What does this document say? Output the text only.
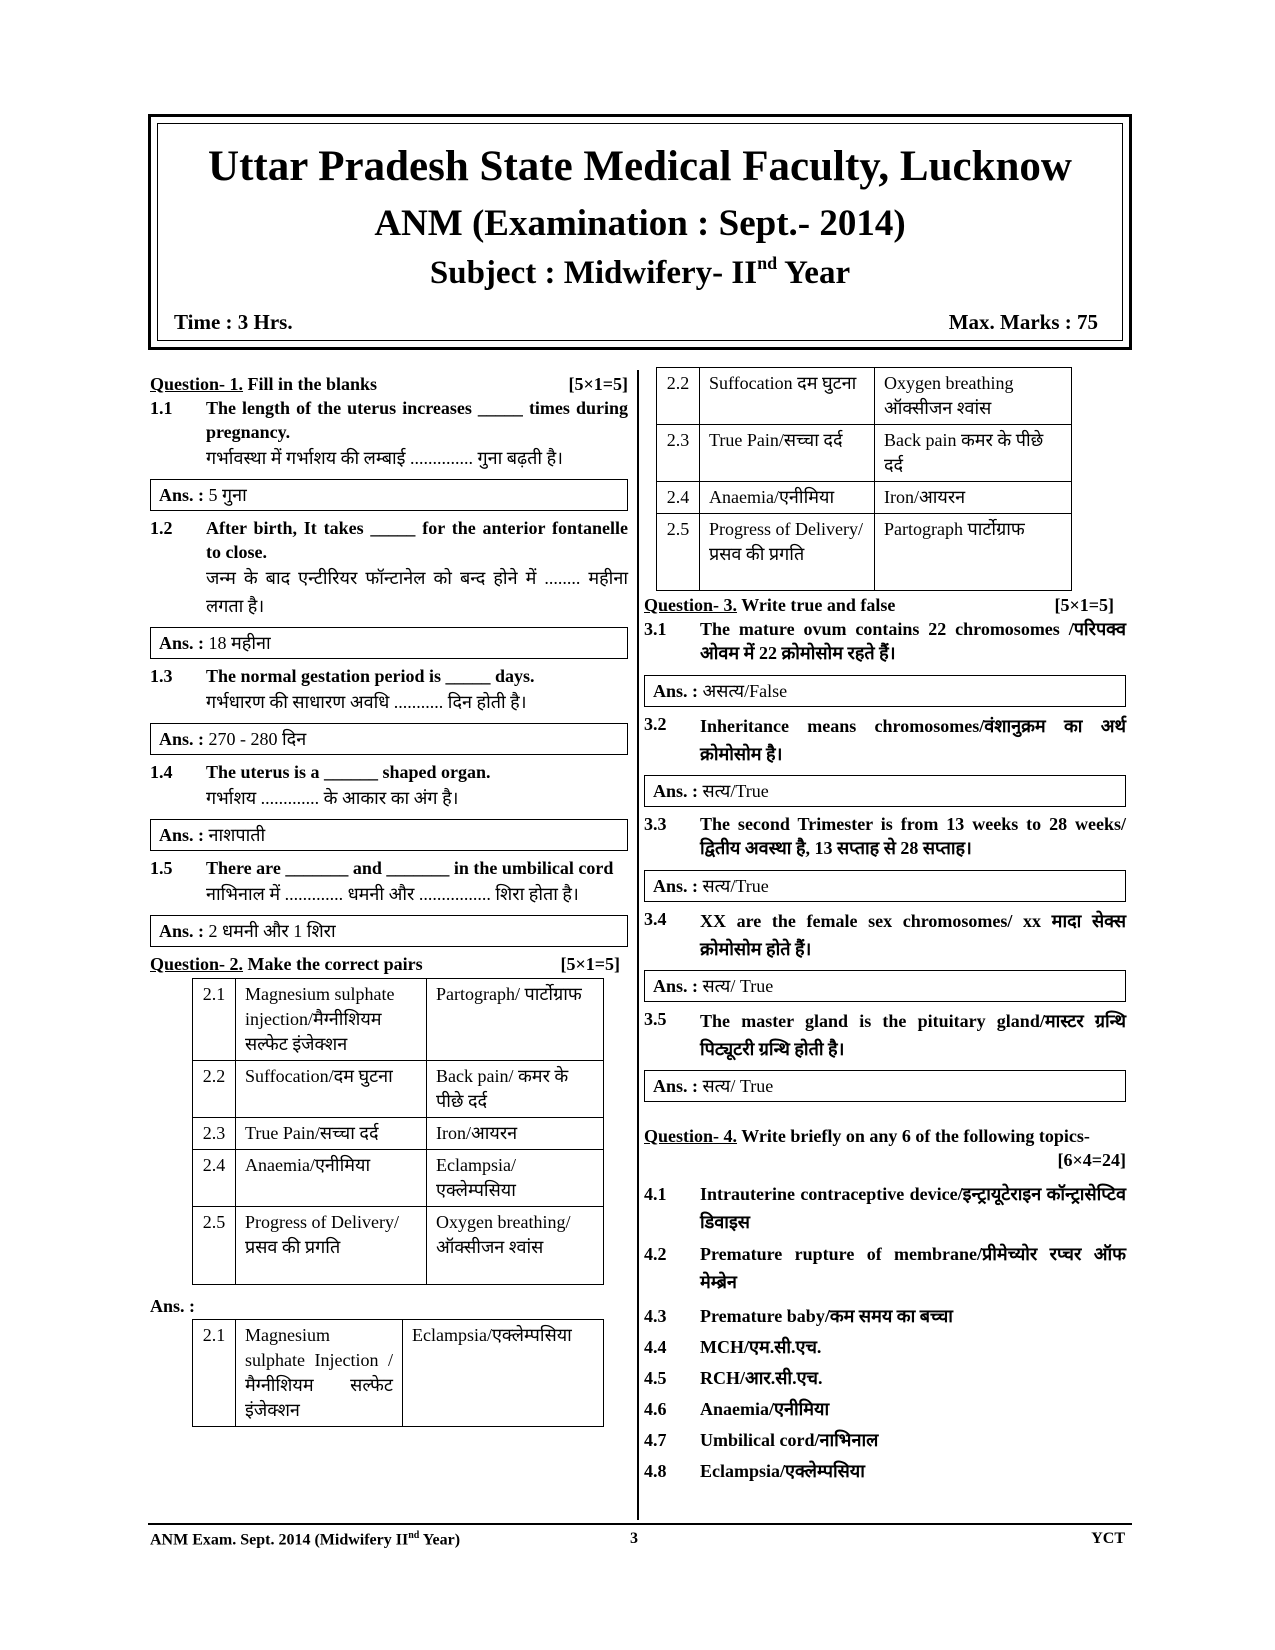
Uttar Pradesh State Medical Faculty, Lucknow
ANM (Examination : Sept.- 2014)
Subject : Midwifery- IInd Year
Time : 3 Hrs.	Max. Marks : 75
Question- 1. Fill in the blanks	[5×1=5]
1.1	The length of the uterus increases _____ times during pregnancy.
गर्भावस्था में गर्भाशय की लम्बाई .............. गुना बढ़ती है।
Ans. : 5 गुना
1.2	After birth, It takes _____ for the anterior fontanelle to close.
जन्म के बाद एन्टीरियर फॉन्टानेल को बन्द होने में ........ महीना लगता है।
Ans. : 18 महीना
1.3	The normal gestation period is _____ days.
गर्भधारण की साधारण अवधि ........... दिन होती है।
Ans. : 270 - 280 दिन
1.4	The uterus is a ______ shaped organ.
गर्भाशय ............. के आकार का अंग है।
Ans. : नाशपाती
1.5	There are _______ and _______ in the umbilical cord
नाभिनाल में ............. धमनी और ................ शिरा होता है।
Ans. : 2 धमनी और 1 शिरा
Question- 2. Make the correct pairs	[5×1=5]
2.1	Magnesium sulphate injection/मैग्नीशियम सल्फेट इंजेक्शन	Partograph/ पार्टोग्राफ
2.2	Suffocation/दम घुटना	Back pain/ कमर के पीछे दर्द
2.3	True Pain/सच्चा दर्द	Iron/आयरन
2.4	Anaemia/एनीमिया	Eclampsia/ एक्लेम्पसिया
2.5	Progress of Delivery/ प्रसव की प्रगति	Oxygen breathing/ ऑक्सीजन श्वांस
Ans. :
2.1	Magnesium sulphate Injection /मैग्नीशियम सल्फेट इंजेक्शन	Eclampsia/एक्लेम्पसिया
2.2	Suffocation दम घुटना	Oxygen breathing ऑक्सीजन श्वांस
2.3	True Pain/सच्चा दर्द	Back pain कमर के पीछे दर्द
2.4	Anaemia/एनीमिया	Iron/आयरन
2.5	Progress of Delivery/प्रसव की प्रगति	Partograph पार्टोग्राफ
Question- 3. Write true and false	[5×1=5]
3.1	The mature ovum contains 22 chromosomes /परिपक्व ओवम में 22 क्रोमोसोम रहते हैं।
Ans. : असत्य/False
3.2	Inheritance means chromosomes/वंशानुक्रम का अर्थ क्रोमोसोम है।
Ans. : सत्य/True
3.3	The second Trimester is from 13 weeks to 28 weeks/ द्वितीय अवस्था है, 13 सप्ताह से 28 सप्ताह।
Ans. : सत्य/True
3.4	XX are the female sex chromosomes/ xx मादा सेक्स क्रोमोसोम होते हैं।
Ans. : सत्य/ True
3.5	The master gland is the pituitary gland/मास्टर ग्रन्थि पिट्यूटरी ग्रन्थि होती है।
Ans. : सत्य/ True
Question- 4. Write briefly on any 6 of the following topics-
[6×4=24]
4.1	Intrauterine contraceptive device/इन्ट्रायूटेराइन कॉन्ट्रासेप्टिव डिवाइस
4.2	Premature rupture of membrane/प्रीमेच्योर रप्चर ऑफ मेम्ब्रेन
4.3	Premature baby/कम समय का बच्चा
4.4	MCH/एम.सी.एच.
4.5	RCH/आर.सी.एच.
4.6	Anaemia/एनीमिया
4.7	Umbilical cord/नाभिनाल
4.8	Eclampsia/एक्लेम्पसिया
ANM Exam. Sept. 2014 (Midwifery IInd Year)	3	YCT
